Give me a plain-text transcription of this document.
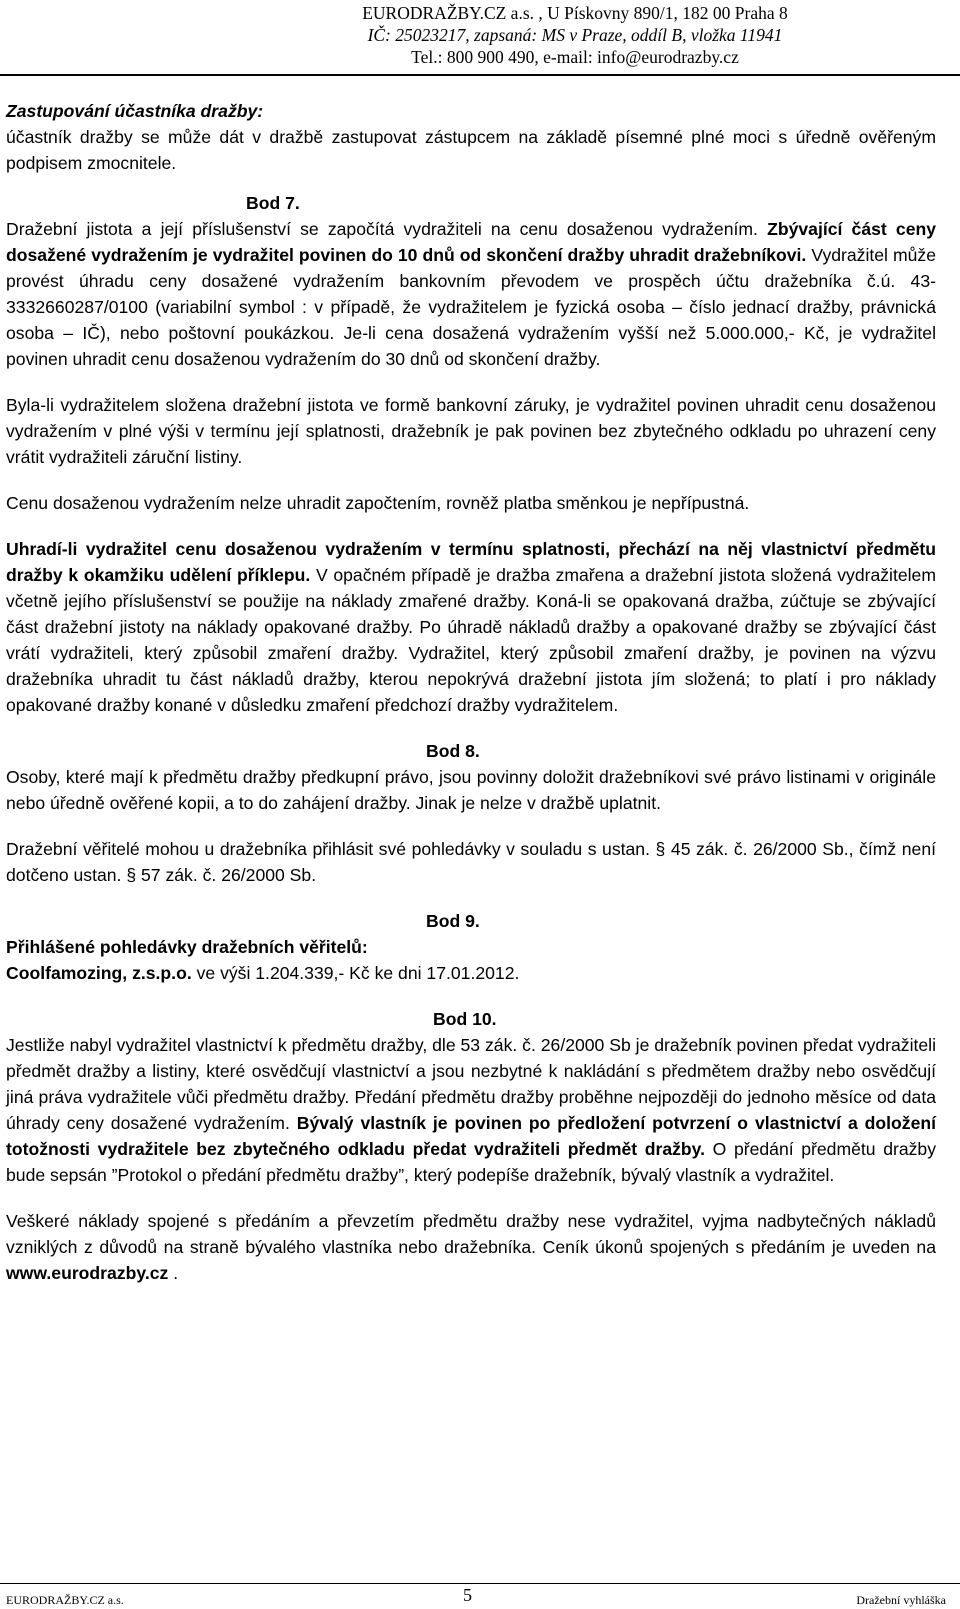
EURODRAŽBY.CZ a.s. , U Pískovny 890/1, 182 00 Praha 8
IČ: 25023217, zapsaná: MS v Praze, oddíl B, vložka 11941
Tel.: 800 900 490, e-mail: info@eurodrazby.cz

Zastupování účastníka dražby:
účastník dražby se může dát v dražbě zastupovat zástupcem na základě písemné plné moci s úředně ověřeným podpisem zmocnitele.

Bod 7.

Dražební jistota a její příslušenství se započítá vydražiteli na cenu dosaženou vydražením. Zbývající část ceny dosažené vydražením je vydražitel povinen do 10 dnů od skončení dražby uhradit dražebníkovi. Vydražitel může provést úhradu ceny dosažené vydražením bankovním převodem ve prospěch účtu dražebníka č.ú. 43-3332660287/0100 (variabilní symbol : v případě, že vydražitelem je fyzická osoba – číslo jednací dražby, právnická osoba – IČ), nebo poštovní poukázkou. Je-li cena dosažená vydražením vyšší než 5.000.000,- Kč, je vydražitel povinen uhradit cenu dosaženou vydražením do 30 dnů od skončení dražby.

Byla-li vydražitelem složena dražební jistota ve formě bankovní záruky, je vydražitel povinen uhradit cenu dosaženou vydražením v plné výši v termínu její splatnosti, dražebník je pak povinen bez zbytečného odkladu po uhrazení ceny vrátit vydražiteli záruční listiny.

Cenu dosaženou vydražením nelze uhradit započtením, rovněž platba směnkou je nepřípustná.

Uhradí-li vydražitel cenu dosaženou vydražením v termínu splatnosti, přechází na něj vlastnictví předmětu dražby k okamžiku udělení příklepu. V opačném případě je dražba zmařena a dražební jistota složená vydražitelem včetně jejího příslušenství se použije na náklady zmařené dražby. Koná-li se opakovaná dražba, zúčtuje se zbývající část dražební jistoty na náklady opakované dražby. Po úhradě nákladů dražby a opakované dražby se zbývající část vrátí vydražiteli, který způsobil zmaření dražby. Vydražitel, který způsobil zmaření dražby, je povinen na výzvu dražebníka uhradit tu část nákladů dražby, kterou nepokrývá dražební jistota jím složená; to platí i pro náklady opakované dražby konané v důsledku zmaření předchozí dražby vydražitelem.

Bod 8.

Osoby, které mají k předmětu dražby předkupní právo, jsou povinny doložit dražebníkovi své právo listinami v originále nebo úředně ověřené kopii, a to do zahájení dražby. Jinak je nelze v dražbě uplatnit.

Dražební věřitelé mohou u dražebníka přihlásit své pohledávky v souladu s ustan. § 45 zák. č. 26/2000 Sb., čímž není dotčeno ustan. § 57 zák. č. 26/2000 Sb.

Bod 9.

Přihlášené pohledávky dražebních věřitelů:
Coolfamozing, z.s.p.o. ve výši 1.204.339,- Kč ke dni 17.01.2012.

Bod 10.

Jestliže nabyl vydražitel vlastnictví k předmětu dražby, dle 53 zák. č. 26/2000 Sb je dražebník povinen předat vydražiteli předmět dražby a listiny, které osvědčují vlastnictví a jsou nezbytné k nakládání s předmětem dražby nebo osvědčují jiná práva vydražitele vůči předmětu dražby. Předání předmětu dražby proběhne nejpozději do jednoho měsíce od data úhrady ceny dosažené vydražením. Bývalý vlastník je povinen po předložení potvrzení o vlastnictví a doložení totožnosti vydražitele bez zbytečného odkladu předat vydražiteli předmět dražby. O předání předmětu dražby bude sepsán ”Protokol o předání předmětu dražby”, který podepíše dražebník, bývalý vlastník a vydražitel.

Veškeré náklady spojené s předáním a převzetím předmětu dražby nese vydražitel, vyjma nadbytečných nákladů vzniklých z důvodů na straně bývalého vlastníka nebo dražebníka. Ceník úkonů spojených s předáním je uveden na www.eurodrazby.cz .

EURODRAŽBY.CZ a.s.	5	Dražební vyhláška
